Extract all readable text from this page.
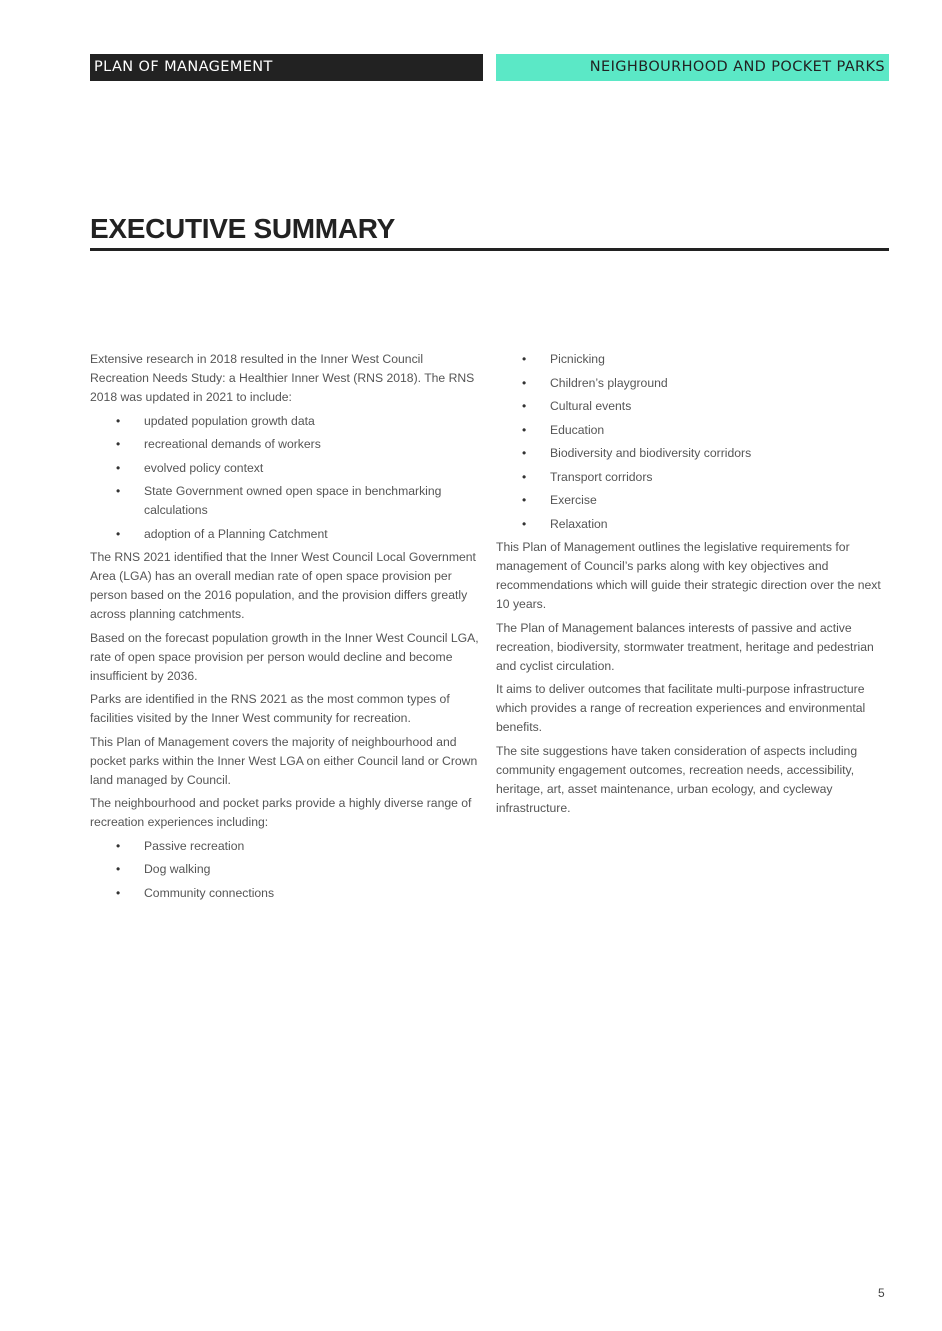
PLAN OF MANAGEMENT	NEIGHBOURHOOD AND POCKET PARKS
EXECUTIVE SUMMARY

Extensive research in 2018 resulted in the Inner West Council Recreation Needs Study: a Healthier Inner West (RNS 2018). The RNS 2018 was updated in 2021 to include:

• updated population growth data
• recreational demands of workers
• evolved policy context
• State Government owned open space in benchmarking calculations
• adoption of a Planning Catchment

The RNS 2021 identified that the Inner West Council Local Government Area (LGA) has an overall median rate of open space provision per person based on the 2016 population, and the provision differs greatly across planning catchments.

Based on the forecast population growth in the Inner West Council LGA, rate of open space provision per person would decline and become insufficient by 2036.

Parks are identified in the RNS 2021 as the most common types of facilities visited by the Inner West community for recreation.

This Plan of Management covers the majority of neighbourhood and pocket parks within the Inner West LGA on either Council land or Crown land managed by Council.

The neighbourhood and pocket parks provide a highly diverse range of recreation experiences including:

• Passive recreation
• Dog walking
• Community connections
• Picnicking
• Children’s playground
• Cultural events
• Education
• Biodiversity and biodiversity corridors
• Transport corridors
• Exercise
• Relaxation

This Plan of Management outlines the legislative requirements for management of Council’s parks along with key objectives and recommendations which will guide their strategic direction over the next 10 years.

The Plan of Management balances interests of passive and active recreation, biodiversity, stormwater treatment, heritage and pedestrian and cyclist circulation.

It aims to deliver outcomes that facilitate multi-purpose infrastructure which provides a range of recreation experiences and environmental benefits.

The site suggestions have taken consideration of aspects including community engagement outcomes, recreation needs, accessibility, heritage, art, asset maintenance, urban ecology, and cycleway infrastructure.

5
